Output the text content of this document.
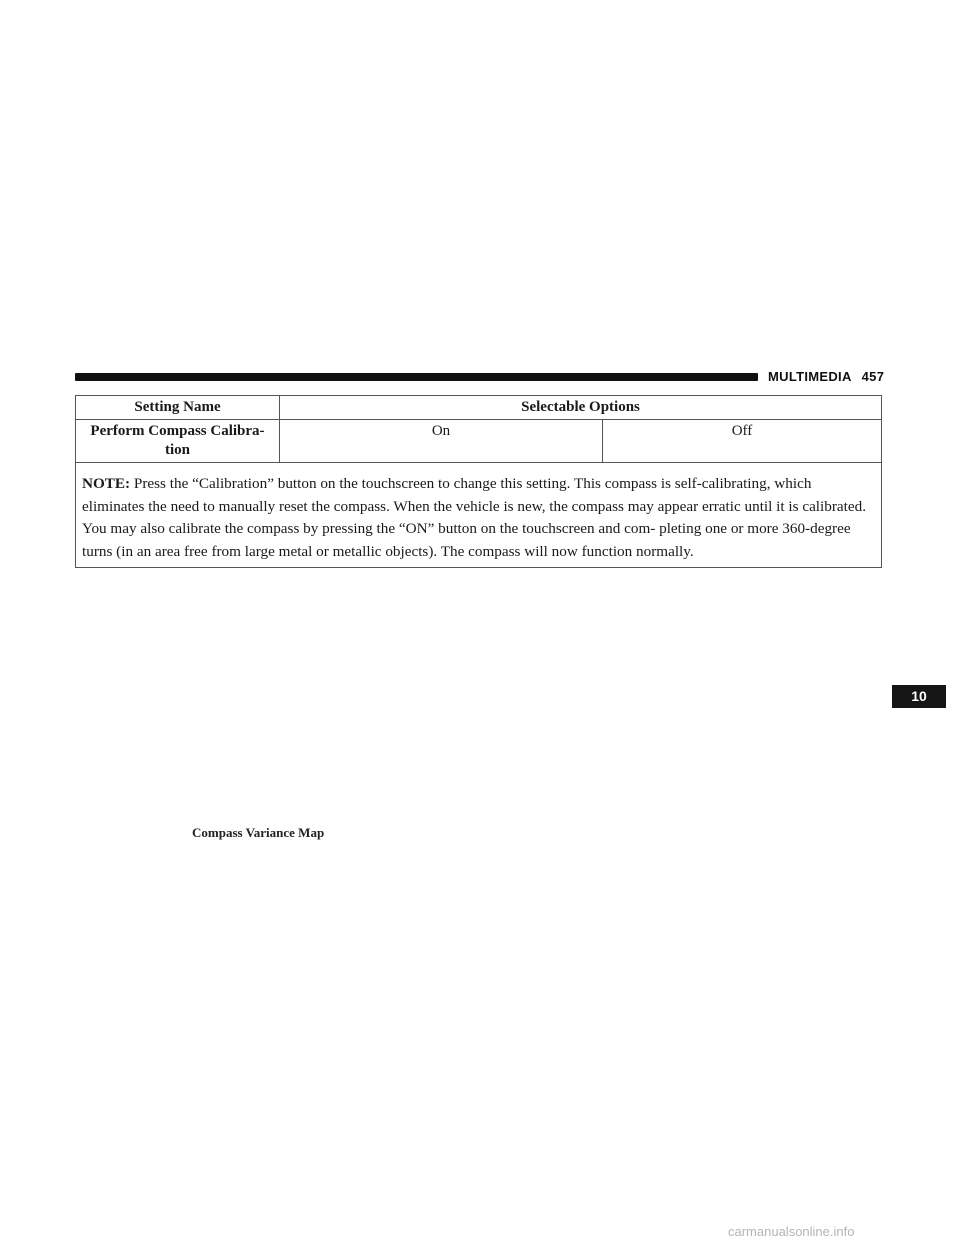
MULTIMEDIA 457
Setting Name	Selectable Options	
Perform Compass Calibra-
tion	On	Off
NOTE: Press the “Calibration” button on the touchscreen to change this setting. This compass is self-calibrating, which eliminates the need to manually reset the compass. When the vehicle is new, the compass may appear erratic until it is calibrated. You may also calibrate the compass by pressing the “ON” button on the touchscreen and com- pleting one or more 360-degree turns (in an area free from large metal or metallic objects). The compass will now function normally.		
Compass Variance Map
10
carmanualsonline.info
